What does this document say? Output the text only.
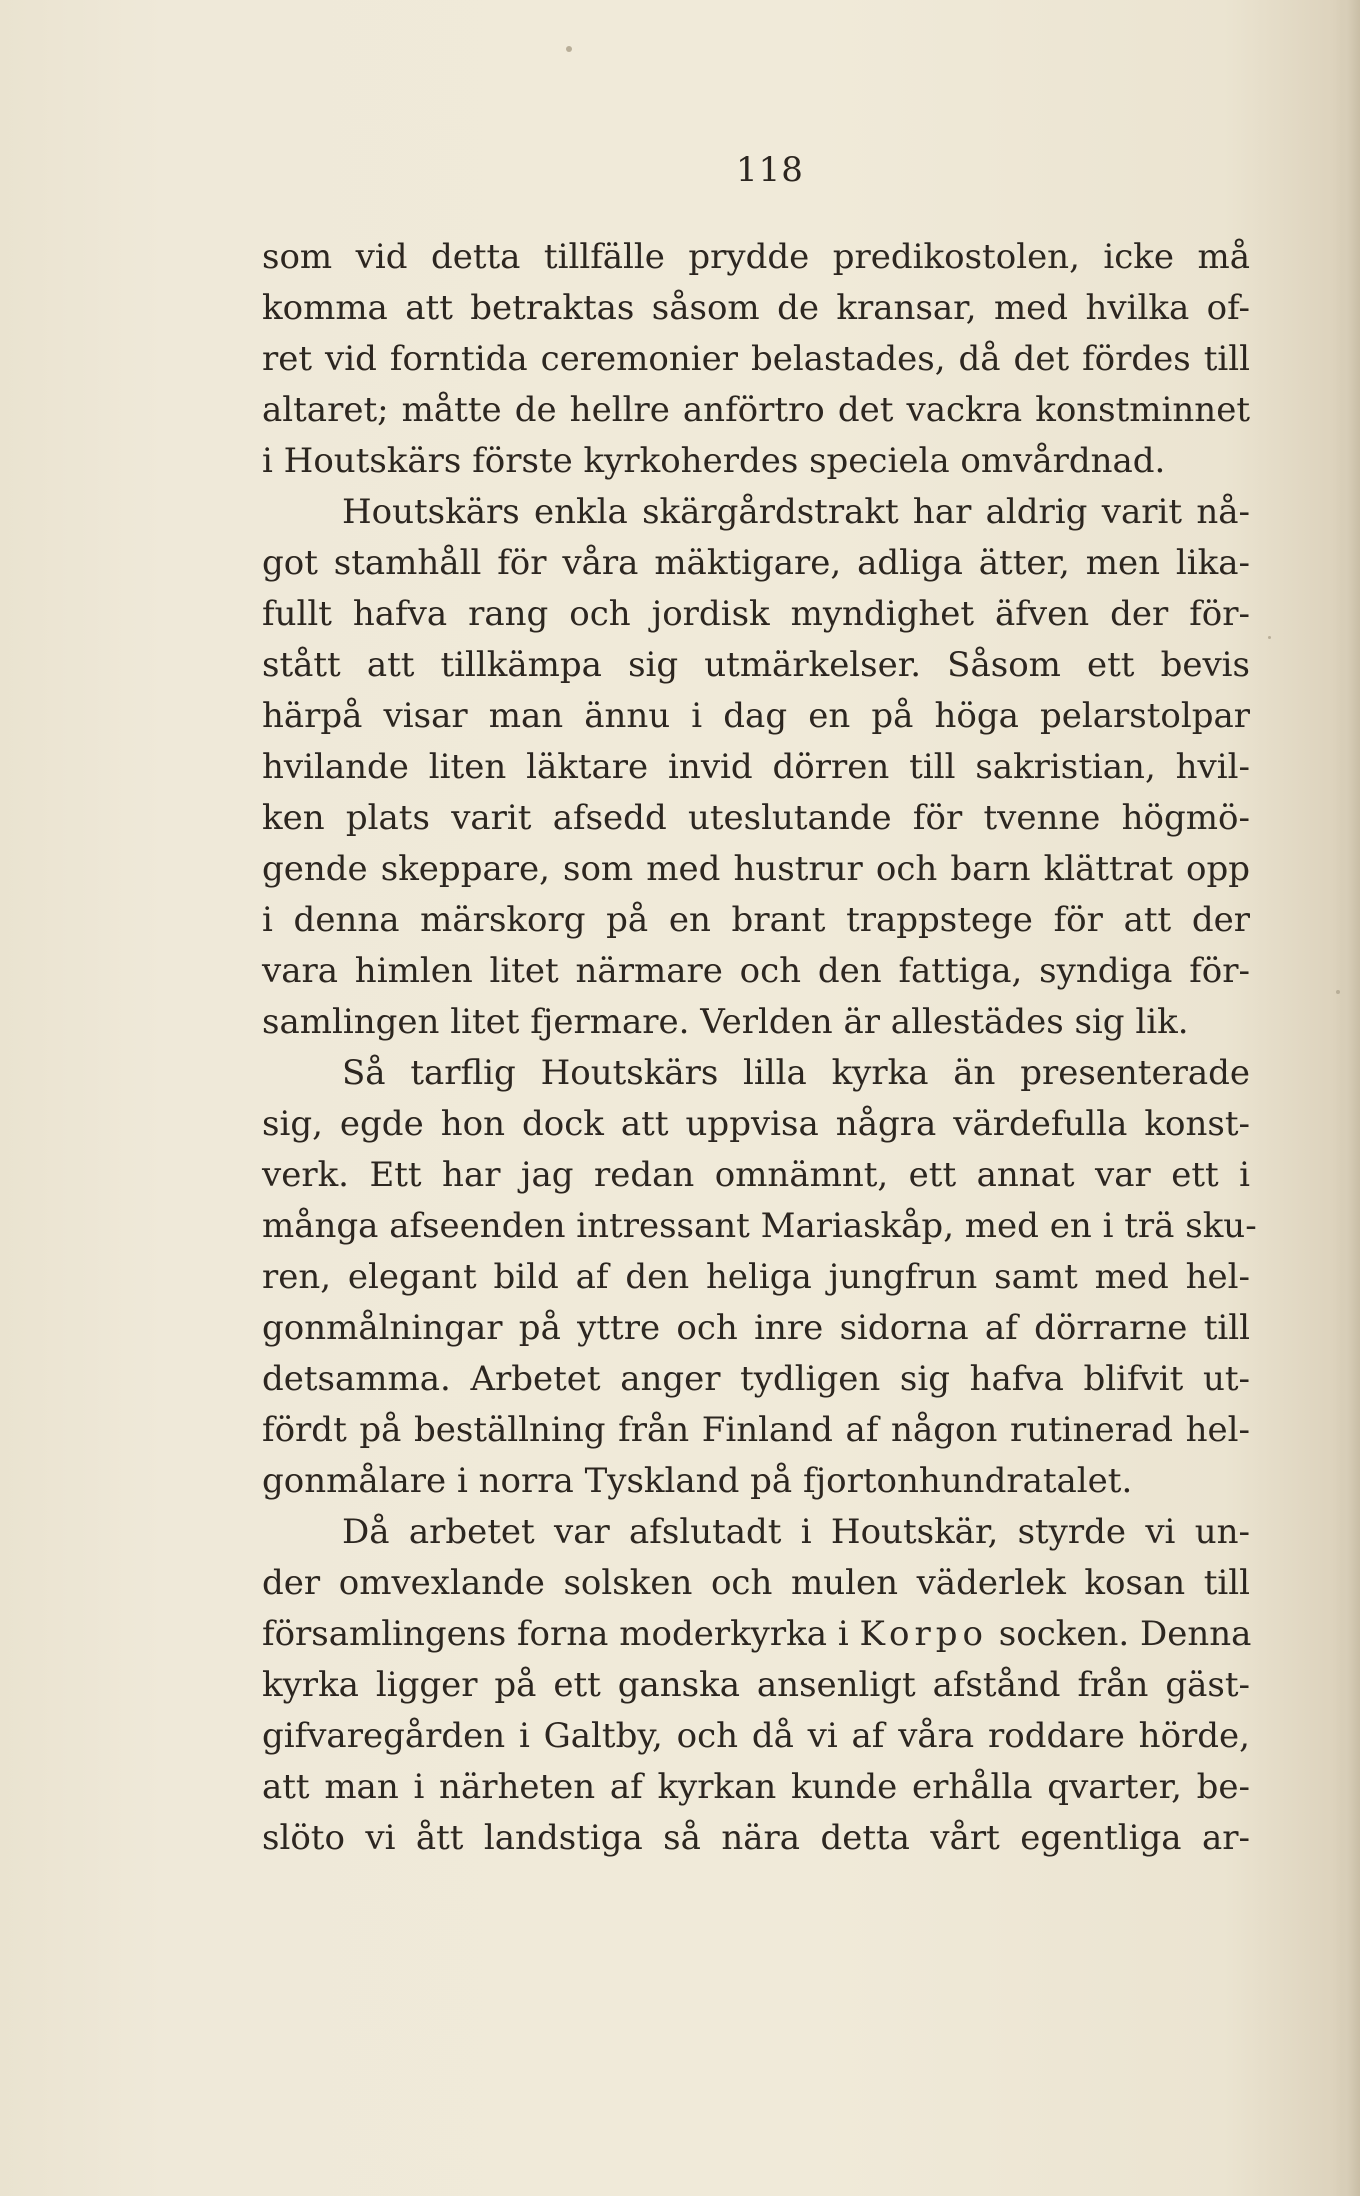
118
som vid detta tillfälle prydde predikostolen, icke må
komma att betraktas såsom de kransar, med hvilka of-
ret vid forntida ceremonier belastades, då det fördes till
altaret; måtte de hellre anförtro det vackra konstminnet
i Houtskärs förste kyrkoherdes speciela omvårdnad.
Houtskärs enkla skärgårdstrakt har aldrig varit nå-
got stamhåll för våra mäktigare, adliga ätter, men lika-
fullt hafva rang och jordisk myndighet äfven der för-
stått att tillkämpa sig utmärkelser. Såsom ett bevis
härpå visar man ännu i dag en på höga pelarstolpar
hvilande liten läktare invid dörren till sakristian, hvil-
ken plats varit afsedd uteslutande för tvenne högmö-
gende skeppare, som med hustrur och barn klättrat opp
i denna märskorg på en brant trappstege för att der
vara himlen litet närmare och den fattiga, syndiga för-
samlingen litet fjermare. Verlden är allestädes sig lik.
Så tarflig Houtskärs lilla kyrka än presenterade
sig, egde hon dock att uppvisa några värdefulla konst-
verk. Ett har jag redan omnämnt, ett annat var ett i
många afseenden intressant Mariaskåp, med en i trä sku-
ren, elegant bild af den heliga jungfrun samt med hel-
gonmålningar på yttre och inre sidorna af dörrarne till
detsamma. Arbetet anger tydligen sig hafva blifvit ut-
fördt på beställning från Finland af någon rutinerad hel-
gonmålare i norra Tyskland på fjortonhundratalet.
Då arbetet var afslutadt i Houtskär, styrde vi un-
der omvexlande solsken och mulen väderlek kosan till
församlingens forna moderkyrka i Korpo socken. Denna
kyrka ligger på ett ganska ansenligt afstånd från gäst-
gifvaregården i Galtby, och då vi af våra roddare hörde,
att man i närheten af kyrkan kunde erhålla qvarter, be-
slöto vi ått landstiga så nära detta vårt egentliga ar-
